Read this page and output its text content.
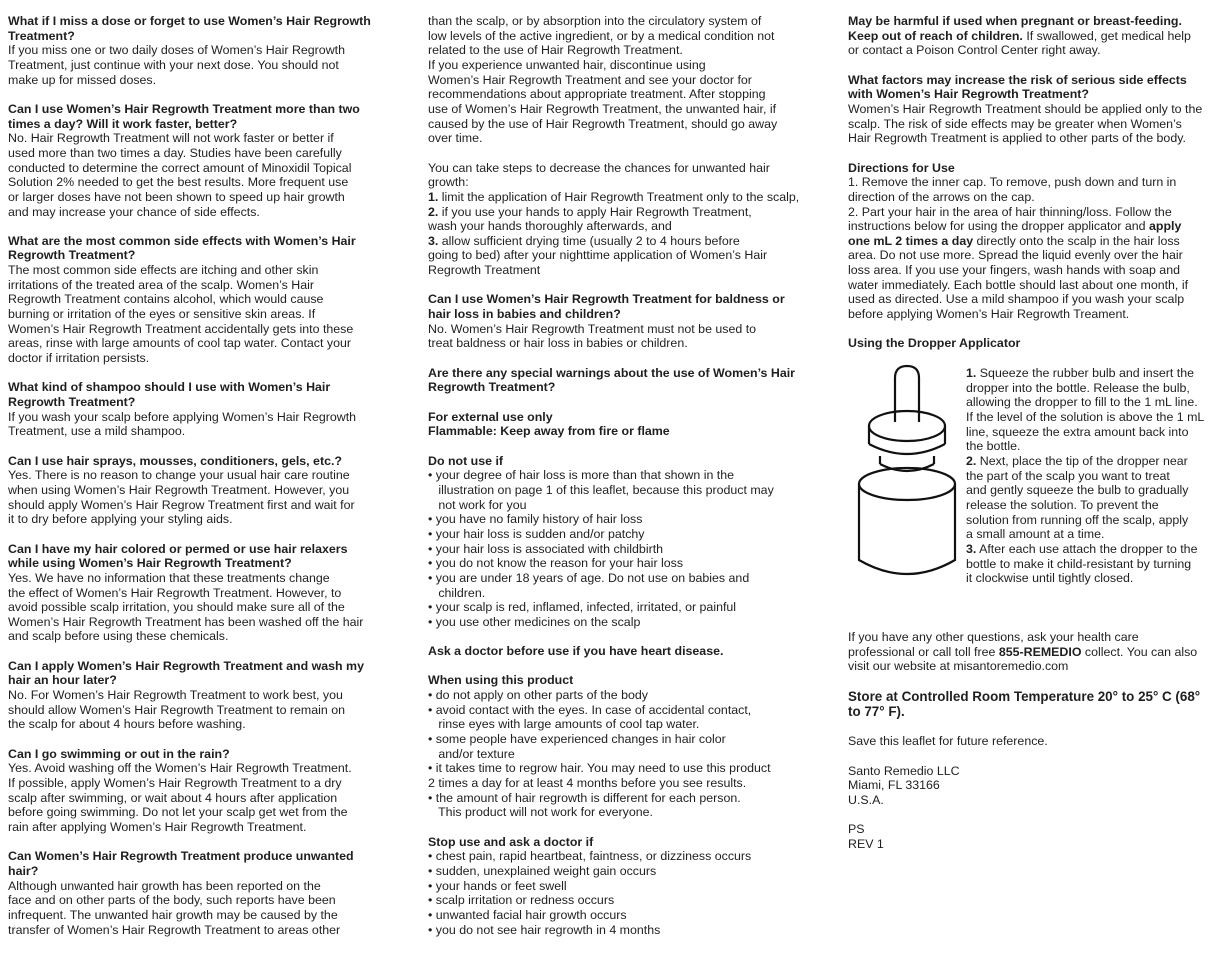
What if I miss a dose or forget to use Women’s Hair Regrowth
Treatment?
If you miss one or two daily doses of Women’s Hair Regrowth
Treatment, just continue with your next dose. You should not
make up for missed doses.
Can I use Women’s Hair Regrowth Treatment more than two
times a day? Will it work faster, better?
No. Hair Regrowth Treatment will not work faster or better if
used more than two times a day. Studies have been carefully
conducted to determine the correct amount of Minoxidil Topical
Solution 2% needed to get the best results. More frequent use
or larger doses have not been shown to speed up hair growth
and may increase your chance of side effects.
What are the most common side effects with Women’s Hair
Regrowth Treatment?
The most common side effects are itching and other skin
irritations of the treated area of the scalp. Women’s Hair
Regrowth Treatment contains alcohol, which would cause
burning or irritation of the eyes or sensitive skin areas. If
Women’s Hair Regrowth Treatment accidentally gets into these
areas, rinse with large amounts of cool tap water. Contact your
doctor if irritation persists.
What kind of shampoo should I use with Women’s Hair
Regrowth Treatment?
If you wash your scalp before applying Women’s Hair Regrowth
Treatment, use a mild shampoo.
Can I use hair sprays, mousses, conditioners, gels, etc.?
Yes. There is no reason to change your usual hair care routine
when using Women’s Hair Regrowth Treatment. However, you
should apply Women’s Hair Regrow Treatment first and wait for
it to dry before applying your styling aids.
Can I have my hair colored or permed or use hair relaxers
while using Women’s Hair Regrowth Treatment?
Yes. We have no information that these treatments change
the effect of Women’s Hair Regrowth Treatment. However, to
avoid possible scalp irritation, you should make sure all of the
Women’s Hair Regrowth Treatment has been washed off the hair
and scalp before using these chemicals.
Can I apply Women’s Hair Regrowth Treatment and wash my
hair an hour later?
No. For Women’s Hair Regrowth Treatment to work best, you
should allow Women’s Hair Regrowth Treatment to remain on
the scalp for about 4 hours before washing.
Can I go swimming or out in the rain?
Yes. Avoid washing off the Women’s Hair Regrowth Treatment.
If possible, apply Women’s Hair Regrowth Treatment to a dry
scalp after swimming, or wait about 4 hours after application
before going swimming. Do not let your scalp get wet from the
rain after applying Women’s Hair Regrowth Treatment.
Can Women’s Hair Regrowth Treatment produce unwanted
hair?
Although unwanted hair growth has been reported on the
face and on other parts of the body, such reports have been
infrequent. The unwanted hair growth may be caused by the
transfer of Women’s Hair Regrowth Treatment to areas other
than the scalp, or by absorption into the circulatory system of
low levels of the active ingredient, or by a medical condition not
related to the use of Hair Regrowth Treatment.
If you experience unwanted hair, discontinue using
Women’s Hair Regrowth Treatment and see your doctor for
recommendations about appropriate treatment. After stopping
use of Women’s Hair Regrowth Treatment, the unwanted hair, if
caused by the use of Hair Regrowth Treatment, should go away
over time.
You can take steps to decrease the chances for unwanted hair
growth:
1. limit the application of Hair Regrowth Treatment only to the scalp,
2. if you use your hands to apply Hair Regrowth Treatment,
wash your hands thoroughly afterwards, and
3. allow sufficient drying time (usually 2 to 4 hours before
going to bed) after your nighttime application of Women’s Hair
Regrowth Treatment
Can I use Women’s Hair Regrowth Treatment for baldness or
hair loss in babies and children?
No. Women’s Hair Regrowth Treatment must not be used to
treat baldness or hair loss in babies or children.
Are there any special warnings about the use of Women’s Hair
Regrowth Treatment?
For external use only
Flammable: Keep away from fire or flame
Do not use if
• your degree of hair loss is more than that shown in the
illustration on page 1 of this leaflet, because this product may
not work for you
• you have no family history of hair loss
• your hair loss is sudden and/or patchy
• your hair loss is associated with childbirth
• you do not know the reason for your hair loss
• you are under 18 years of age. Do not use on babies and
children.
• your scalp is red, inflamed, infected, irritated, or painful
• you use other medicines on the scalp
Ask a doctor before use if you have heart disease.
When using this product
• do not apply on other parts of the body
• avoid contact with the eyes. In case of accidental contact,
rinse eyes with large amounts of cool tap water.
• some people have experienced changes in hair color
and/or texture
• it takes time to regrow hair. You may need to use this product
2 times a day for at least 4 months before you see results.
• the amount of hair regrowth is different for each person.
This product will not work for everyone.
Stop use and ask a doctor if
• chest pain, rapid heartbeat, faintness, or dizziness occurs
• sudden, unexplained weight gain occurs
• your hands or feet swell
• scalp irritation or redness occurs
• unwanted facial hair growth occurs
• you do not see hair regrowth in 4 months
May be harmful if used when pregnant or breast-feeding.
Keep out of reach of children. If swallowed, get medical help
or contact a Poison Control Center right away.
What factors may increase the risk of serious side effects
with Women’s Hair Regrowth Treatment?
Women’s Hair Regrowth Treatment should be applied only to the
scalp. The risk of side effects may be greater when Women’s
Hair Regrowth Treatment is applied to other parts of the body.
Directions for Use
1. Remove the inner cap. To remove, push down and turn in
direction of the arrows on the cap.
2. Part your hair in the area of hair thinning/loss. Follow the
instructions below for using the dropper applicator and apply
one mL 2 times a day directly onto the scalp in the hair loss
area. Do not use more. Spread the liquid evenly over the hair
loss area. If you use your fingers, wash hands with soap and
water immediately. Each bottle should last about one month, if
used as directed. Use a mild shampoo if you wash your scalp
before applying Women’s Hair Regrowth Treament.
Using the Dropper Applicator
1. Squeeze the rubber bulb and insert the
dropper into the bottle. Release the bulb,
allowing the dropper to fill to the 1 mL line.
If the level of the solution is above the 1 mL
line, squeeze the extra amount back into
the bottle.
2. Next, place the tip of the dropper near
the part of the scalp you want to treat
and gently squeeze the bulb to gradually
release the solution. To prevent the
solution from running off the scalp, apply
a small amount at a time.
3. After each use attach the dropper to the
bottle to make it child-resistant by turning
it clockwise until tightly closed.
If you have any other questions, ask your health care
professional or call toll free 855-REMEDIO collect. You can also
visit our website at misantoremedio.com
Store at Controlled Room Temperature 20° to 25° C (68°
to 77° F).
Save this leaflet for future reference.
Santo Remedio LLC
Miami, FL 33166
U.S.A.
PS
REV 1
